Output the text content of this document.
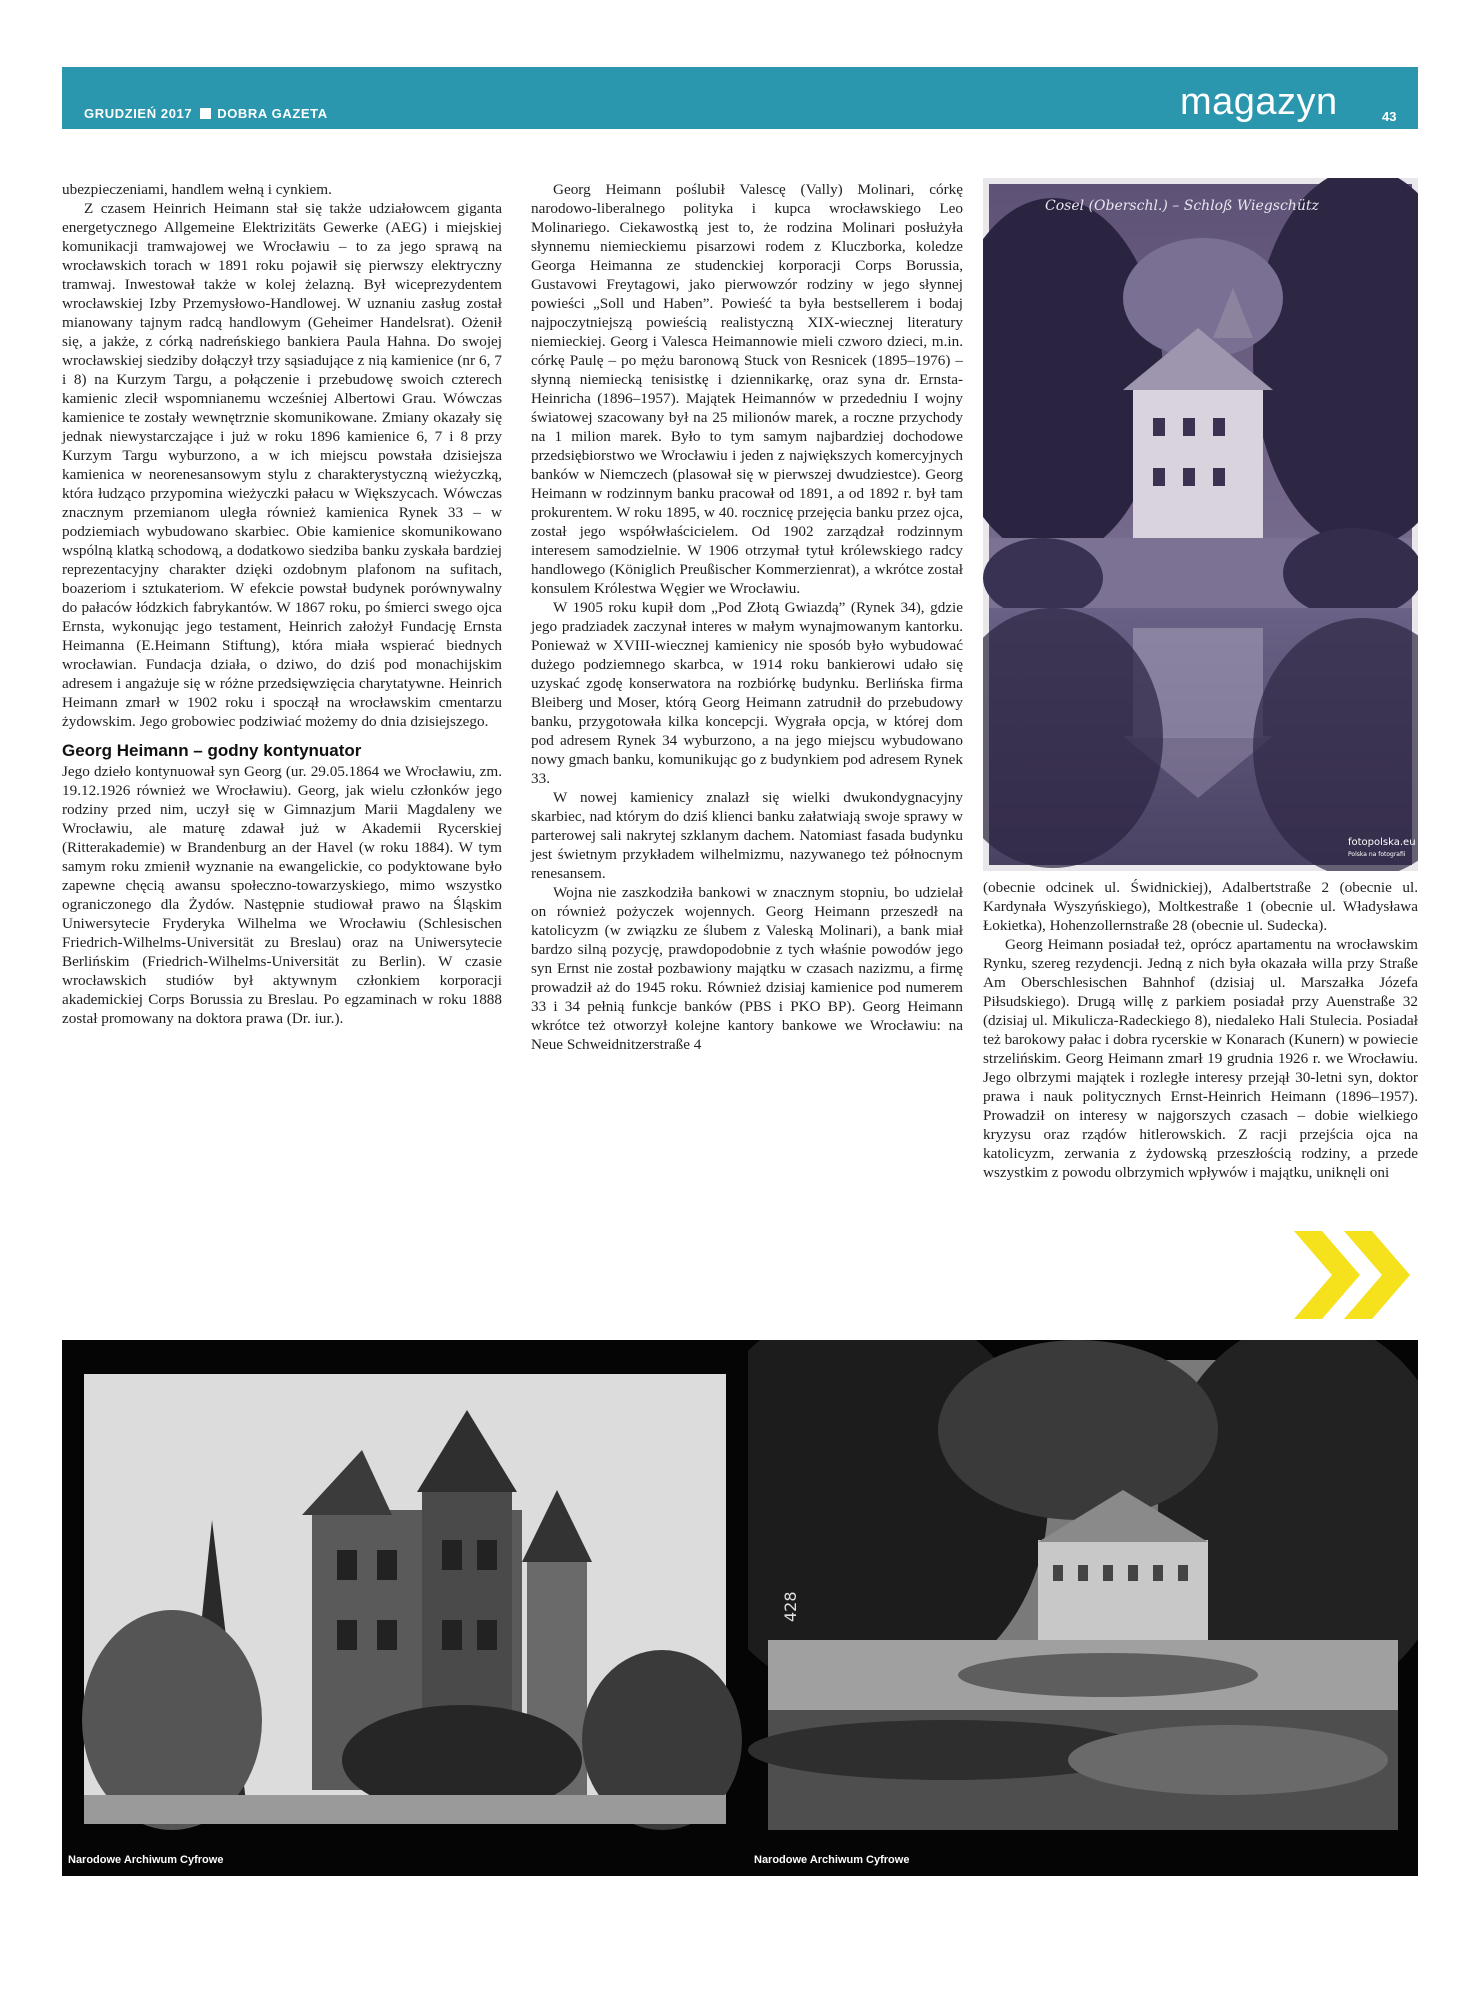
GRUDZIEŃ 2017 DOBRA GAZETA	magazyn	43

ubezpieczeniami, handlem wełną i cynkiem.

Z czasem Heinrich Heimann stał się także udziałowcem giganta energetycznego Allgemeine Elektrizitäts Gewerke (AEG) i miejskiej komunikacji tramwajowej we Wrocławiu – to za jego sprawą na wrocławskich torach w 1891 roku pojawił się pierwszy elektryczny tramwaj. Inwestował także w kolej żelazną. Był wiceprezydentem wrocławskiej Izby Przemysłowo-Handlowej. W uznaniu zasług został mianowany tajnym radcą handlowym (Geheimer Handelsrat). Ożenił się, a jakże, z córką nadreńskiego bankiera Paula Hahna. Do swojej wrocławskiej siedziby dołączył trzy sąsiadujące z nią kamienice (nr 6, 7 i 8) na Kurzym Targu, a połączenie i przebudowę swoich czterech kamienic zlecił wspomnianemu wcześniej Albertowi Grau. Wówczas kamienice te zostały wewnętrznie skomunikowane. Zmiany okazały się jednak niewystarczające i już w roku 1896 kamienice 6, 7 i 8 przy Kurzym Targu wyburzono, a w ich miejscu powstała dzisiejsza kamienica w neorenesansowym stylu z charakterystyczną wieżyczką, która łudząco przypomina wieżyczki pałacu w Większycach. Wówczas znacznym przemianom uległa również kamienica Rynek 33 – w podziemiach wybudowano skarbiec. Obie kamienice skomunikowano wspólną klatką schodową, a dodatkowo siedziba banku zyskała bardziej reprezentacyjny charakter dzięki ozdobnym plafonom na sufitach, boazeriom i sztukateriom. W efekcie powstał budynek porównywalny do pałaców łódzkich fabrykantów. W 1867 roku, po śmierci swego ojca Ernsta, wykonując jego testament, Heinrich założył Fundację Ernsta Heimanna (E.Heimann Stiftung), która miała wspierać biednych wrocławian. Fundacja działa, o dziwo, do dziś pod monachijskim adresem i angażuje się w różne przedsięwzięcia charytatywne. Heinrich Heimann zmarł w 1902 roku i spoczął na wrocławskim cmentarzu żydowskim. Jego grobowiec podziwiać możemy do dnia dzisiejszego.

Georg Heimann – godny kontynuator

Jego dzieło kontynuował syn Georg (ur. 29.05.1864 we Wrocławiu, zm. 19.12.1926 również we Wrocławiu). Georg, jak wielu członków jego rodziny przed nim, uczył się w Gimnazjum Marii Magdaleny we Wrocławiu, ale maturę zdawał już w Akademii Rycerskiej (Ritterakademie) w Brandenburg an der Havel (w roku 1884). W tym samym roku zmienił wyznanie na ewangelickie, co podyktowane było zapewne chęcią awansu społeczno-towarzyskiego, mimo wszystko ograniczonego dla Żydów. Następnie studiował prawo na Śląskim Uniwersytecie Fryderyka Wilhelma we Wrocławiu (Schlesischen Friedrich-Wilhelms-Universität zu Breslau) oraz na Uniwersytecie Berlińskim (Friedrich-Wilhelms-Universität zu Berlin). W czasie wrocławskich studiów był aktywnym członkiem korporacji akademickiej Corps Borussia zu Breslau. Po egzaminach w roku 1888 został promowany na doktora prawa (Dr. iur.).

Georg Heimann poślubił Valescę (Vally) Molinari, córkę narodowo-liberalnego polityka i kupca wrocławskiego Leo Molinariego. Ciekawostką jest to, że rodzina Molinari posłużyła słynnemu niemieckiemu pisarzowi rodem z Kluczborka, koledze Georga Heimanna ze studenckiej korporacji Corps Borussia, Gustavowi Freytagowi, jako pierwowzór rodziny w jego słynnej powieści „Soll und Haben”. Powieść ta była bestsellerem i bodaj najpoczytniejszą powieścią realistyczną XIX-wiecznej literatury niemieckiej. Georg i Valesca Heimannowie mieli czworo dzieci, m.in. córkę Paulę – po mężu baronową Stuck von Resnicek (1895–1976) – słynną niemiecką tenisistkę i dziennikarkę, oraz syna dr. Ernsta-Heinricha (1896–1957). Majątek Heimannów w przededniu I wojny światowej szacowany był na 25 milionów marek, a roczne przychody na 1 milion marek. Było to tym samym najbardziej dochodowe przedsiębiorstwo we Wrocławiu i jeden z największych komercyjnych banków w Niemczech (plasował się w pierwszej dwudziestce). Georg Heimann w rodzinnym banku pracował od 1891, a od 1892 r. był tam prokurentem. W roku 1895, w 40. rocznicę przejęcia banku przez ojca, został jego współwłaścicielem. Od 1902 zarządzał rodzinnym interesem samodzielnie. W 1906 otrzymał tytuł królewskiego radcy handlowego (Königlich Preußischer Kommerzienrat), a wkrótce został konsulem Królestwa Węgier we Wrocławiu.

W 1905 roku kupił dom „Pod Złotą Gwiazdą” (Rynek 34), gdzie jego pradziadek zaczynał interes w małym wynajmowanym kantorku. Ponieważ w XVIII-wiecznej kamienicy nie sposób było wybudować dużego podziemnego skarbca, w 1914 roku bankierowi udało się uzyskać zgodę konserwatora na rozbiórkę budynku. Berlińska firma Bleiberg und Moser, którą Georg Heimann zatrudnił do przebudowy banku, przygotowała kilka koncepcji. Wygrała opcja, w której dom pod adresem Rynek 34 wyburzono, a na jego miejscu wybudowano nowy gmach banku, komunikując go z budynkiem pod adresem Rynek 33.

W nowej kamienicy znalazł się wielki dwukondygnacyjny skarbiec, nad którym do dziś klienci banku załatwiają swoje sprawy w parterowej sali nakrytej szklanym dachem. Natomiast fasada budynku jest świetnym przykładem wilhelmizmu, nazywanego też północnym renesansem.

Wojna nie zaszkodziła bankowi w znacznym stopniu, bo udzielał on również pożyczek wojennych. Georg Heimann przeszedł na katolicyzm (w związku ze ślubem z Valeską Molinari), a bank miał bardzo silną pozycję, prawdopodobnie z tych właśnie powodów jego syn Ernst nie został pozbawiony majątku w czasach nazizmu, a firmę prowadził aż do 1945 roku. Również dzisiaj kamienice pod numerem 33 i 34 pełnią funkcje banków (PBS i PKO BP). Georg Heimann wkrótce też otworzył kolejne kantory bankowe we Wrocławiu: na Neue Schweidnitzerstraße 4

(obecnie odcinek ul. Świdnickiej), Adalbertstraße 2 (obecnie ul. Kardynała Wyszyńskiego), Moltkestraße 1 (obecnie ul. Władysława Łokietka), Hohenzollernstraße 28 (obecnie ul. Sudecka).

Georg Heimann posiadał też, oprócz apartamentu na wrocławskim Rynku, szereg rezydencji. Jedną z nich była okazała willa przy Straße Am Oberschlesischen Bahnhof (dzisiaj ul. Marszałka Józefa Piłsudskiego). Drugą willę z parkiem posiadał przy Auenstraße 32 (dzisiaj ul. Mikulicza-Radeckiego 8), niedaleko Hali Stulecia. Posiadał też barokowy pałac i dobra rycerskie w Konarach (Kunern) w powiecie strzelińskim. Georg Heimann zmarł 19 grudnia 1926 r. we Wrocławiu. Jego olbrzymi majątek i rozległe interesy przejął 30-letni syn, doktor prawa i nauk politycznych Ernst-Heinrich Heimann (1896–1957). Prowadził on interesy w najgorszych czasach – dobie wielkiego kryzysu oraz rządów hitlerowskich. Z racji przejścia ojca na katolicyzm, zerwania z żydowską przeszłością rodziny, a przede wszystkim z powodu olbrzymich wpływów i majątku, uniknęli oni

Cosel (Oberschl.) – Schloß Wiegschütz
fotopolska.eu
Polska na fotografii
Narodowe Archiwum Cyfrowe
428
Narodowe Archiwum Cyfrowe
